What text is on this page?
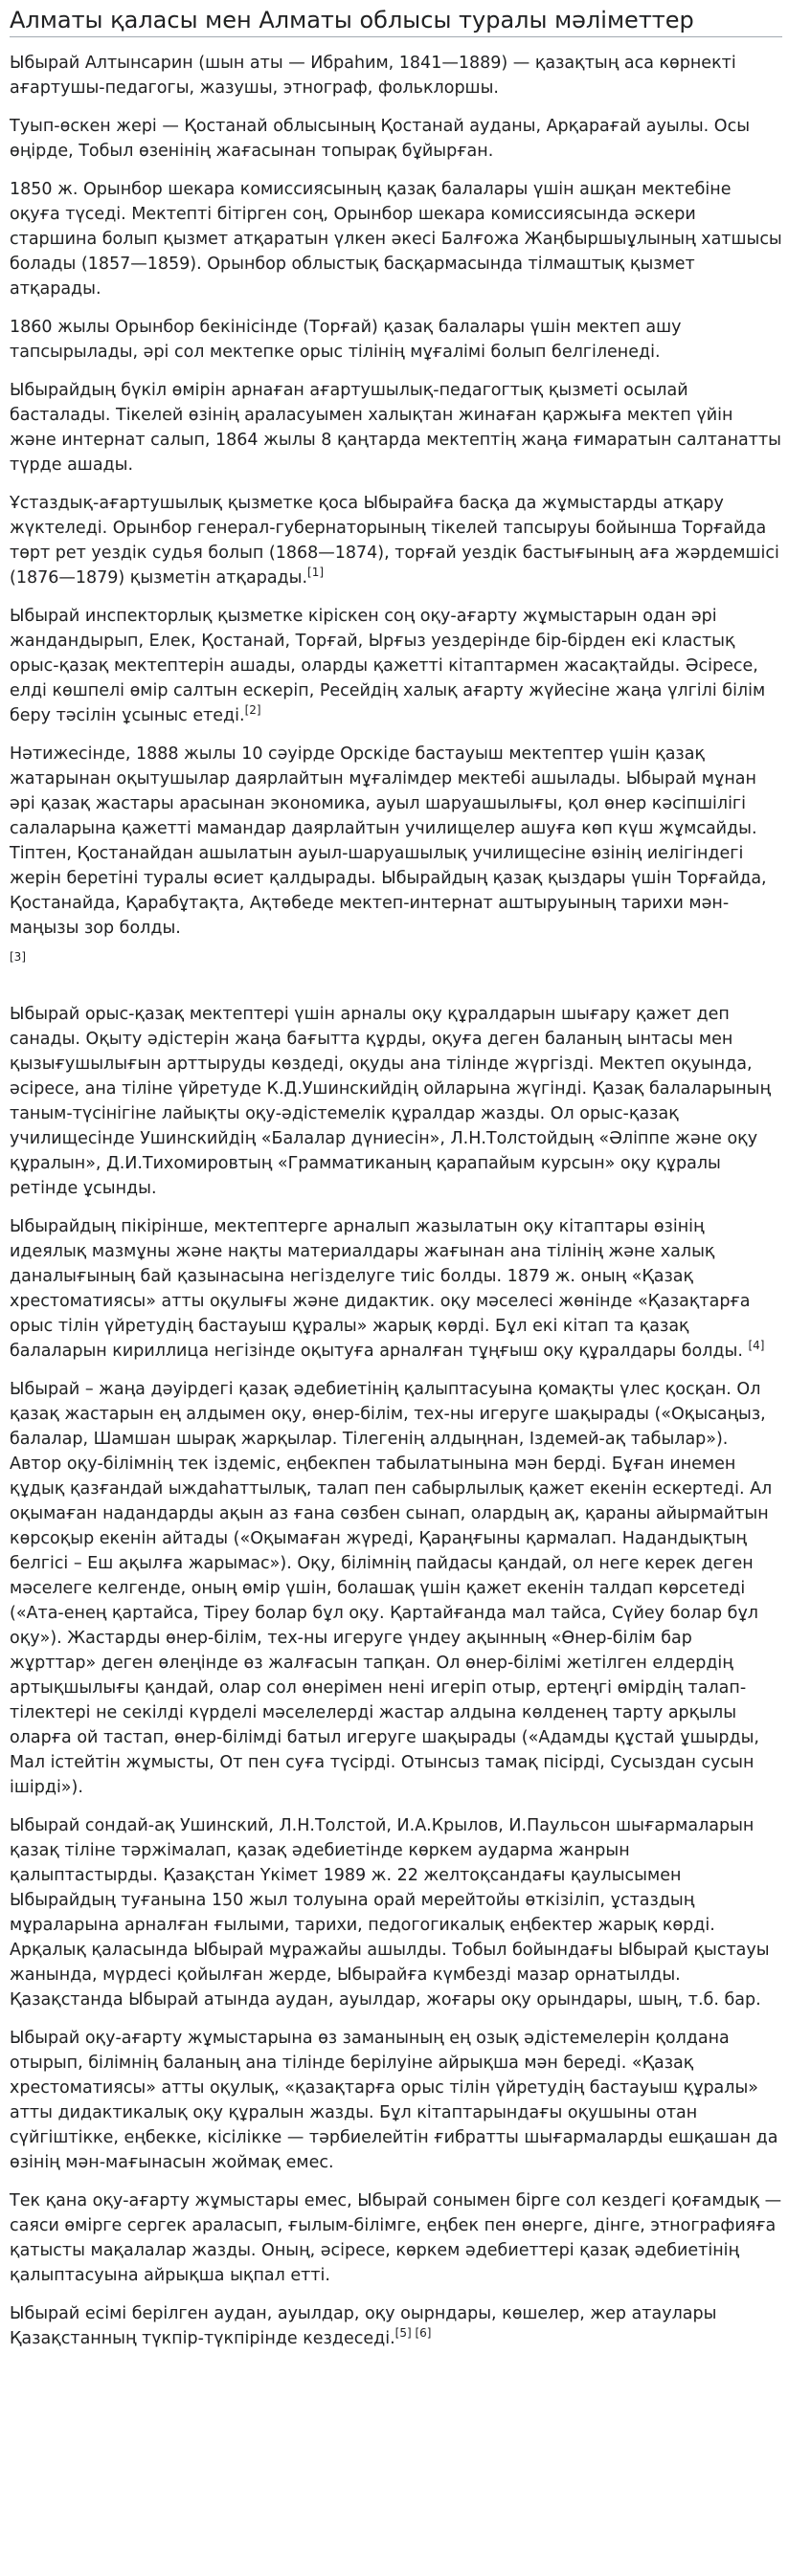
Алматы қаласы мен Алматы облысы туралы мәліметтер

Ыбырай Алтынсарин (шын аты — Ибраһим, 1841—1889) — қазақтың аса көрнекті ағартушы-педагогы, жазушы, этнограф, фольклоршы.

Туып-өскен жері — Қостанай облысының Қостанай ауданы, Арқарағай ауылы. Осы өңірде, Тобыл өзенінің жағасынан топырақ бұйырған.

1850 ж. Орынбор шекара комиссиясының қазақ балалары үшін ашқан мектебіне оқуға түседі. Мектепті бітірген соң, Орынбор шекара комиссиясында әскери старшина болып қызмет атқаратын үлкен әкесі Балғожа Жаңбыршыұлының хатшысы болады (1857—1859). Орынбор облыстық басқармасында тілмаштық қызмет атқарады.

1860 жылы Орынбор бекінісінде (Торғай) қазақ балалары үшін мектеп ашу тапсырылады, әрі сол мектепке орыс тілінің мұғалімі болып белгіленеді.

Ыбырайдың бүкіл өмірін арнаған ағартушылық-педагогтық қызметі осылай басталады. Тікелей өзінің араласуымен халықтан жинаған қаржыға мектеп үйін және интернат салып, 1864 жылы 8 қаңтарда мектептің жаңа ғимаратын салтанатты түрде ашады.

Ұстаздық-ағартушылық қызметке қоса Ыбырайға басқа да жұмыстарды атқару жүктеледі. Орынбор генерал-губернаторының тікелей тапсыруы бойынша Торғайда төрт рет уездік судья болып (1868—1874), торғай уездік бастығының аға жәрдемшісі (1876—1879) қызметін атқарады.[1]

Ыбырай инспекторлық қызметке кіріскен соң оқу-ағарту жұмыстарын одан әрі жандандырып, Елек, Қостанай, Торғай, Ырғыз уездерінде бір-бірден екі кластық орыс-қазақ мектептерін ашады, оларды қажетті кітаптармен жасақтайды. Әсіресе, елді көшпелі өмір салтын ескеріп, Ресейдің халық ағарту жүйесіне жаңа үлгілі білім беру тәсілін ұсыныс етеді.[2]

Нәтижесінде, 1888 жылы 10 сәуірде Орскіде бастауыш мектептер үшін қазақ жатарынан оқытушылар даярлайтын мұғалімдер мектебі ашылады. Ыбырай мұнан әрі қазақ жастары арасынан экономика, ауыл шаруашылығы, қол өнер кәсіпшілігі салаларына қажетті мамандар даярлайтын училищелер ашуға көп күш жұмсайды. Тіптен, Қостанайдан ашылатын ауыл-шаруашылық училищесіне өзінің иелігіндегі жерін беретіні туралы өсиет қалдырады. Ыбырайдың қазақ қыздары үшін Торғайда, Қостанайда, Қарабұтақта, Ақтөбеде мектеп-интернат аштыруының тарихи мән-маңызы зор болды.

[3]

Ыбырай орыс-қазақ мектептері үшін арналы оқу құралдарын шығару қажет деп санады. Оқыту әдістерін жаңа бағытта құрды, оқуға деген баланың ынтасы мен қызығушылығын арттыруды көздеді, оқуды ана тілінде жүргізді. Мектеп оқуында, әсіресе, ана тіліне үйретуде К.Д.Ушинскийдің ойларына жүгінді. Қазақ балаларының таным-түсінігіне лайықты оқу-әдістемелік құралдар жазды. Ол орыс-қазақ училищесінде Ушинскийдің «Балалар дүниесін», Л.Н.Толстойдың «Әліппе және оқу құралын», Д.И.Тихомировтың «Грамматиканың қарапайым курсын» оқу құралы ретінде ұсынды.

Ыбырайдың пікірінше, мектептерге арналып жазылатын оқу кітаптары өзінің идеялық мазмұны және нақты материалдары жағынан ана тілінің және халық даналығының бай қазынасына негізделуге тиіс болды. 1879 ж. оның «Қазақ хрестоматиясы» атты оқулығы және дидактик. оқу мәселесі жөнінде «Қазақтарға орыс тілін үйретудің бастауыш құралы» жарық көрді. Бұл екі кітап та қазақ балаларын кириллица негізінде оқытуға арналған тұңғыш оқу құралдары болды. [4]

Ыбырай – жаңа дәуірдегі қазақ әдебиетінің қалыптасуына қомақты үлес қосқан. Ол қазақ жастарын ең алдымен оқу, өнер-білім, тех-ны игеруге шақырады («Оқысаңыз, балалар, Шамшан шырақ жарқылар. Тілегенің алдыңнан, Іздемей-ақ табылар»). Автор оқу-білімнің тек іздеміс, еңбекпен табылатынына мән берді. Бұған инемен құдық қазғандай ыждаһаттылық, талап пен сабырлылық қажет екенін ескертеді. Ал оқымаған надандарды ақын аз ғана сөзбен сынап, олардың ақ, қараны айырмайтын көрсоқыр екенін айтады («Оқымаған жүреді, Қараңғыны қармалап. Надандықтың белгісі – Еш ақылға жарымас»). Оқу, білімнің пайдасы қандай, ол неге керек деген мәселеге келгенде, оның өмір үшін, болашақ үшін қажет екенін талдап көрсетеді («Ата-енең қартайса, Тіреу болар бұл оқу. Қартайғанда мал тайса, Сүйеу болар бұл оқу»). Жастарды өнер-білім, тех-ны игеруге үндеу ақынның «Өнер-білім бар жұрттар» деген өлеңінде өз жалғасын тапқан. Ол өнер-білімі жетілген елдердің артықшылығы қандай, олар сол өнерімен нені игеріп отыр, ертеңгі өмірдің талап-тілектері не секілді күрделі мәселелерді жастар алдына көлденең тарту арқылы оларға ой тастап, өнер-білімді батыл игеруге шақырады («Адамды құстай ұшырды, Мал істейтін жұмысты, От пен суға түсірді. Отынсыз тамақ пісірді, Сусыздан сусын ішірді»).

Ыбырай сондай-ақ Ушинский, Л.Н.Толстой, И.А.Крылов, И.Паульсон шығармаларын қазақ тіліне тәржімалап, қазақ әдебиетінде көркем аударма жанрын қалыптастырды. Қазақстан Үкімет 1989 ж. 22 желтоқсандағы қаулысымен Ыбырайдың туғанына 150 жыл толуына орай мерейтойы өткізіліп, ұстаздың мұраларына арналған ғылыми, тарихи, педогогикалық еңбектер жарық көрді. Арқалық қаласында Ыбырай мұражайы ашылды. Тобыл бойындағы Ыбырай қыстауы жанында, мүрдесі қойылған жерде, Ыбырайға күмбезді мазар орнатылды. Қазақстанда Ыбырай атында аудан, ауылдар, жоғары оқу орындары, шың, т.б. бар.

Ыбырай оқу-ағарту жұмыстарына өз заманының ең озық әдістемелерін қолдана отырып, білімнің баланың ана тілінде берілуіне айрықша мән береді. «Қазақ хрестоматиясы» атты оқулық, «қазақтарға орыс тілін үйретудің бастауыш құралы» атты дидактикалық оқу құралын жазды. Бұл кітаптарындағы оқушыны отан сүйгіштікке, еңбекке, кісілікке — тәрбиелейтін ғибратты шығармаларды ешқашан да өзінің мән-мағынасын жоймақ емес.

Тек қана оқу-ағарту жұмыстары емес, Ыбырай сонымен бірге сол кездегі қоғамдық — саяси өмірге сергек араласып, ғылым-білімге, еңбек пен өнерге, дінге, этнографияға қатысты мақалалар жазды. Оның, әсіресе, көркем әдебиеттері қазақ әдебиетінің қалыптасуына айрықша ықпал етті.

Ыбырай есімі берілген аудан, ауылдар, оқу оырндары, көшелер, жер атаулары Қазақстанның түкпір-түкпірінде кездеседі.[5] [6]
